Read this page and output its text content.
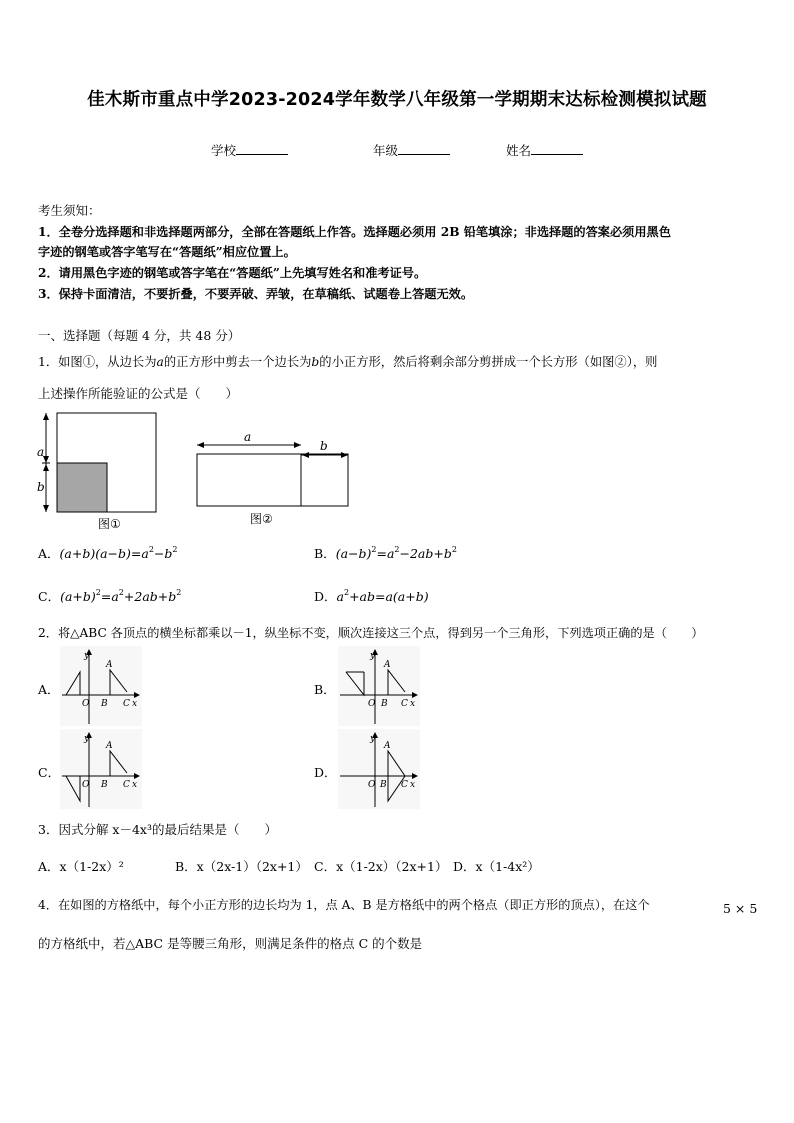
佳木斯市重点中学2023-2024学年数学八年级第一学期期末达标检测模拟试题
学校	年级	姓名
考生须知：
1．全卷分选择题和非选择题两部分，全部在答题纸上作答。选择题必须用 2B 铅笔填涂；非选择题的答案必须用黑色
字迹的钢笔或答字笔写在“答题纸”相应位置上。
2．请用黑色字迹的钢笔或答字笔在“答题纸”上先填写姓名和准考证号。
3．保持卡面清洁，不要折叠，不要弄破、弄皱，在草稿纸、试题卷上答题无效。
一、选择题（每题 4 分，共 48 分）
1．如图①，从边长为a的正方形中剪去一个边长为b的小正方形，然后将剩余部分剪拼成一个长方形（如图②），则
上述操作所能验证的公式是（　　）
a
b
图①
a
b
图②
A．$(a+b)(a-b)=a^2-b^2$	B．$(a-b)^2=a^2-2ab+b^2$
C．$(a+b)^2=a^2+2ab+b^2$	D．$a^2+ab=a(a+b)$
2．将△ABC 各顶点的横坐标都乘以－1，纵坐标不变，顺次连接这三个点，得到另一个三角形，下列选项正确的是（　　）
A．	B．
C．	D．
y
A
O B C x
y
A
O B C x
y
A
O B C x
y
A
O B C x
3．因式分解 x－4x³的最后结果是（　　）
A．x（1-2x）²	B．x（2x-1）（2x+1） C．x（1-2x）（2x+1） D．x（1-4x²）
4．在如图的方格纸中，每个小正方形的边长均为 1，点 A、B 是方格纸中的两个格点（即正方形的顶点），在这个	5 × 5
的方格纸中，若△ABC 是等腰三角形，则满足条件的格点 C 的个数是
